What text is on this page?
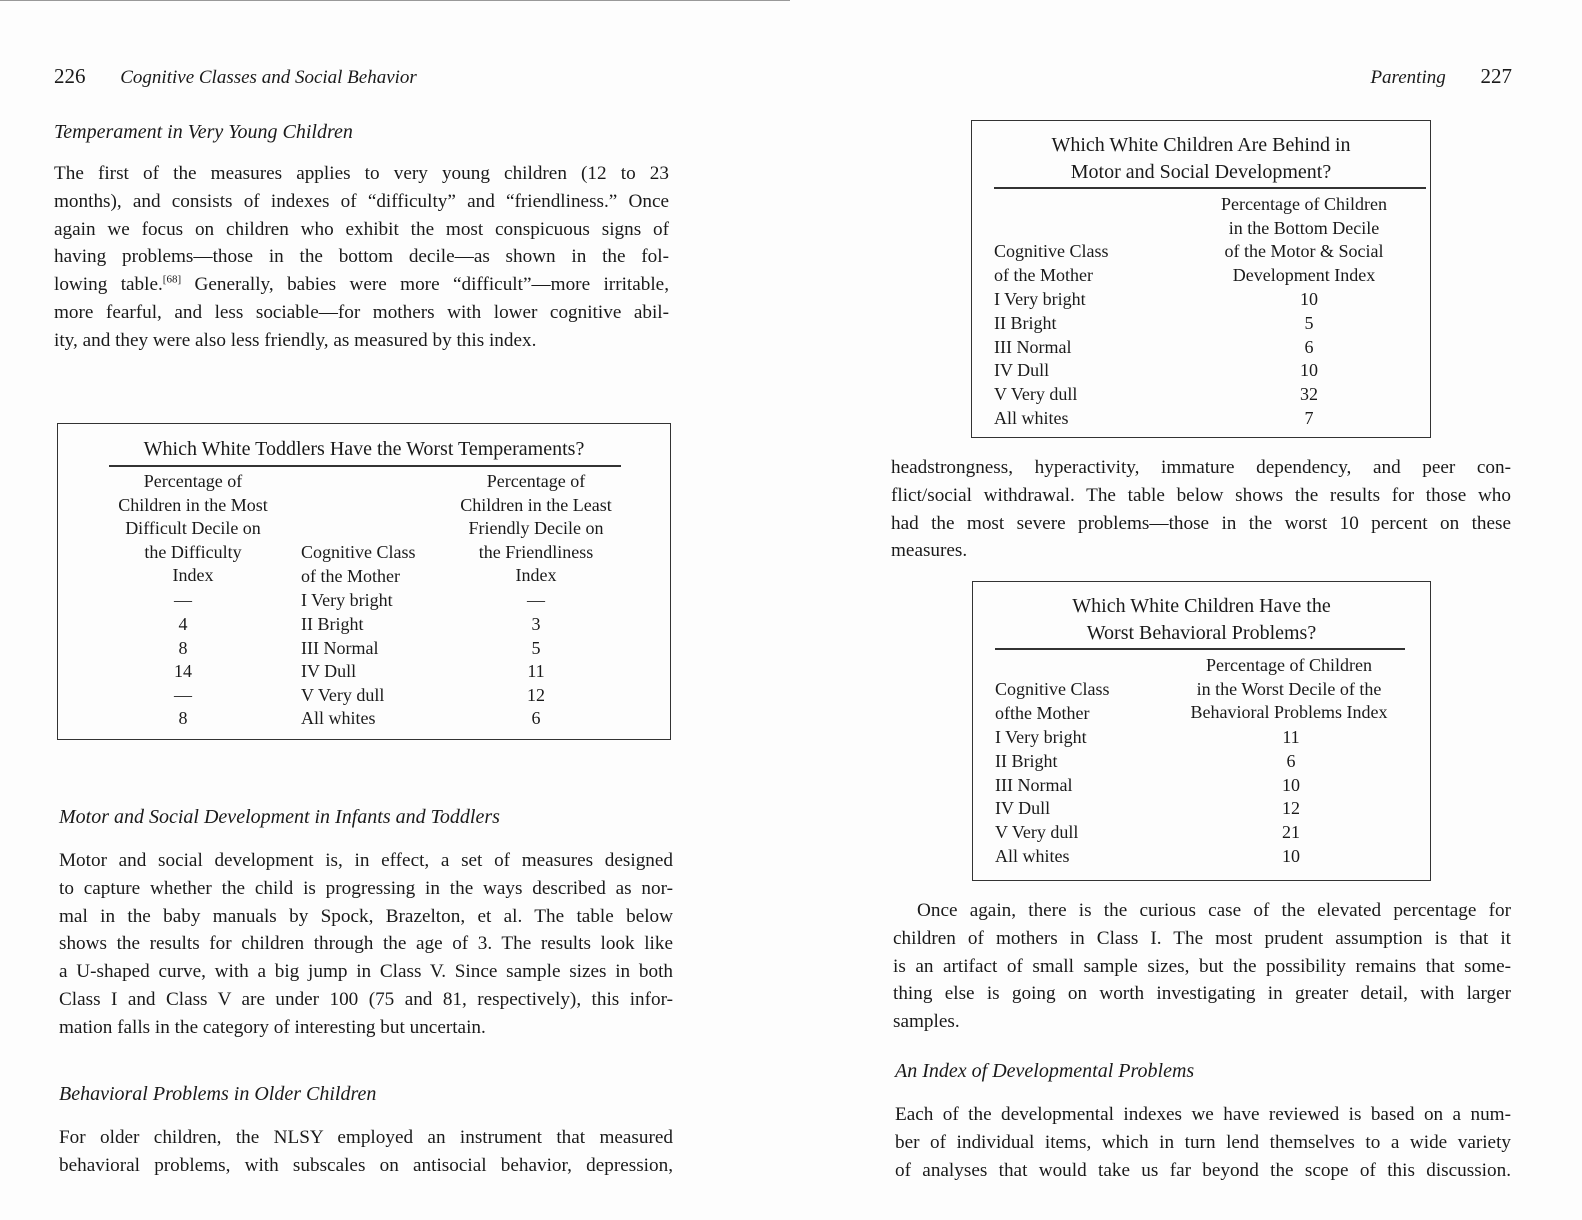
226 Cognitive Classes and Social Behavior
Temperament in Very Young Children
The first of the measures applies to very young children (12 to 23
months), and consists of indexes of “difficulty” and “friendliness.” Once
again we focus on children who exhibit the most conspicuous signs of
having problems—those in the bottom decile—as shown in the fol-
lowing table.[68] Generally, babies were more “difficult”—more irritable,
more fearful, and less sociable—for mothers with lower cognitive abil-
ity, and they were also less friendly, as measured by this index.
Which White Toddlers Have the Worst Temperaments?
Percentage of
Children in the Most
Difficult Decile on
the Difficulty
Index
Cognitive Class
of the Mother
Percentage of
Children in the Least
Friendly Decile on
the Friendliness
Index
—	I Very bright	—
4	II Bright	3
8	III Normal	5
14	IV Dull	11
—	V Very dull	12
8	All whites	6
Motor and Social Development in Infants and Toddlers
Motor and social development is, in effect, a set of measures designed
to capture whether the child is progressing in the ways described as nor-
mal in the baby manuals by Spock, Brazelton, et al. The table below
shows the results for children through the age of 3. The results look like
a U-shaped curve, with a big jump in Class V. Since sample sizes in both
Class I and Class V are under 100 (75 and 81, respectively), this infor-
mation falls in the category of interesting but uncertain.
Behavioral Problems in Older Children
For older children, the NLSY employed an instrument that measured
behavioral problems, with subscales on antisocial behavior, depression,
Parenting 227
Which White Children Are Behind in
Motor and Social Development?
Cognitive Class
of the Mother
Percentage of Children
in the Bottom Decile
of the Motor & Social
Development Index
I Very bright	10
II Bright	5
III Normal	6
IV Dull	10
V Very dull	32
All whites	7
headstrongness, hyperactivity, immature dependency, and peer con-
flict/social withdrawal. The table below shows the results for those who
had the most severe problems—those in the worst 10 percent on these
measures.
Which White Children Have the
Worst Behavioral Problems?
Cognitive Class
ofthe Mother
Percentage of Children
in the Worst Decile of the
Behavioral Problems Index
I Very bright	11
II Bright	6
III Normal	10
IV Dull	12
V Very dull	21
All whites	10
Once again, there is the curious case of the elevated percentage for
children of mothers in Class I. The most prudent assumption is that it
is an artifact of small sample sizes, but the possibility remains that some-
thing else is going on worth investigating in greater detail, with larger
samples.
An Index of Developmental Problems
Each of the developmental indexes we have reviewed is based on a num-
ber of individual items, which in turn lend themselves to a wide variety
of analyses that would take us far beyond the scope of this discussion.
